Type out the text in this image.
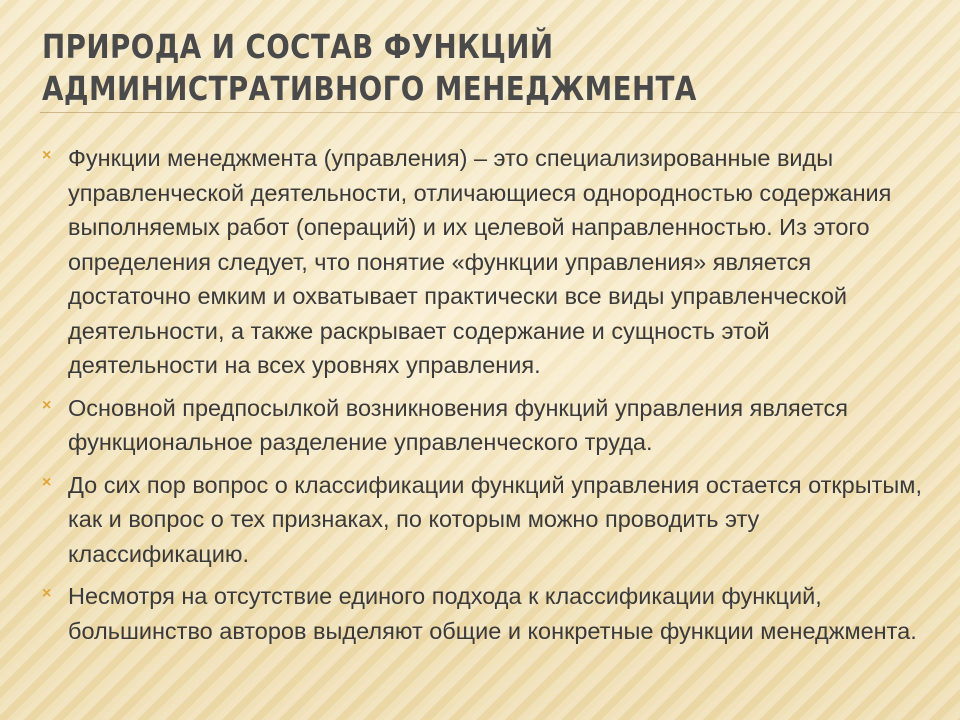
ПРИРОДА И СОСТАВ ФУНКЦИЙ
АДМИНИСТРАТИВНОГО МЕНЕДЖМЕНТА
× Функции менеджмента (управления) – это специализированные виды управленческой деятельности, отличающиеся однородностью содержания выполняемых работ (операций) и их целевой направленностью. Из этого определения следует, что понятие «функции управления» является достаточно емким и охватывает практически все виды управленческой деятельности, а также раскрывает содержание и сущность этой деятельности на всех уровнях управления.
× Основной предпосылкой возникновения функций управления является функциональное разделение управленческого труда.
× До сих пор вопрос о классификации функций управления остается открытым, как и вопрос о тех признаках, по которым можно проводить эту классификацию.
× Несмотря на отсутствие единого подхода к классификации функций, большинство авторов выделяют общие и конкретные функции менеджмента.
